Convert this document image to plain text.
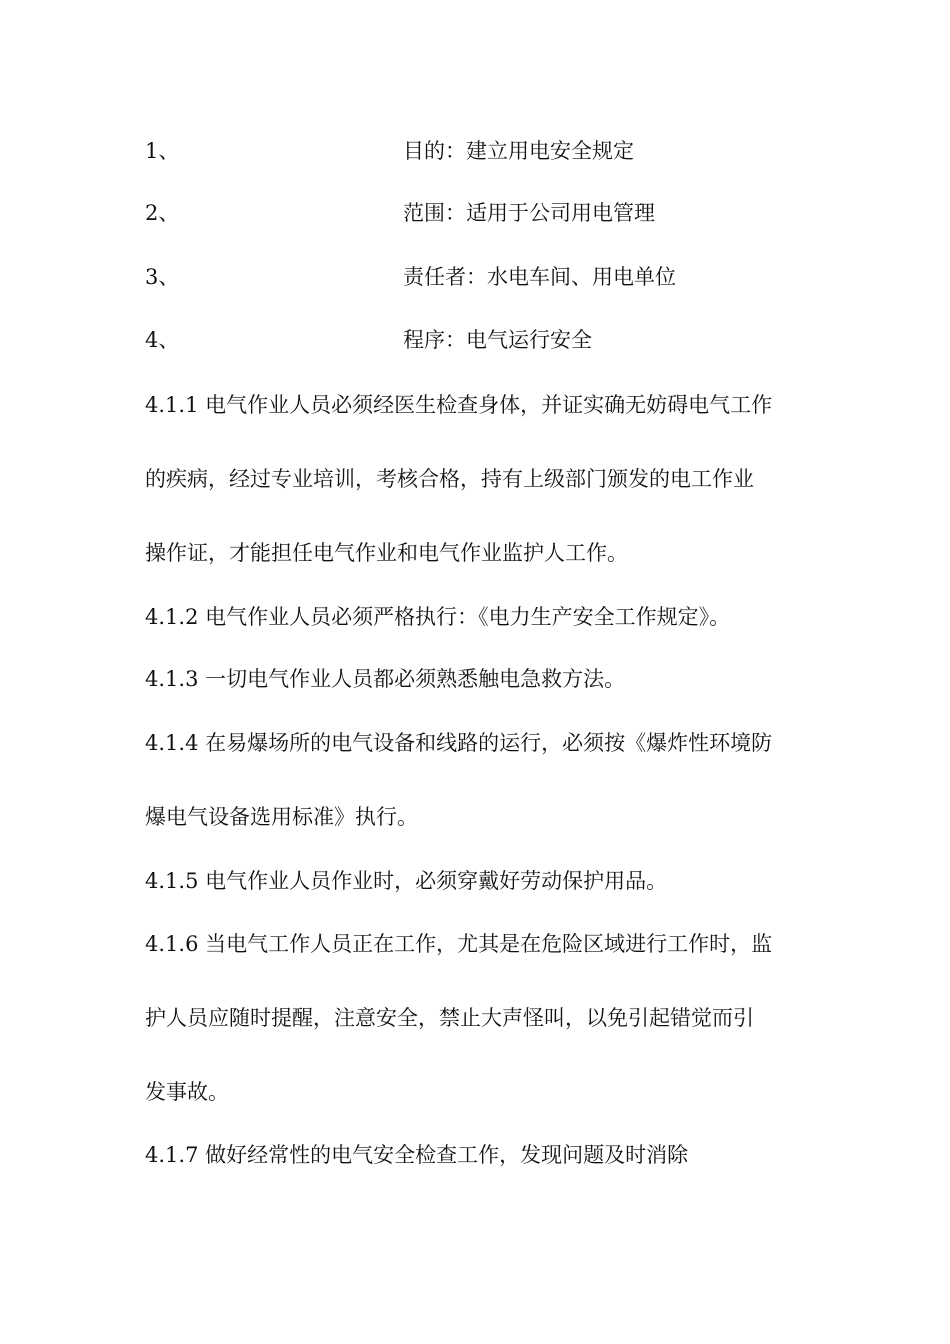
1、	目的：建立用电安全规定
2、	范围：适用于公司用电管理
3、	责任者：水电车间、用电单位
4、	程序：电气运行安全
4.1.1 电气作业人员必须经医生检查身体，并证实确无妨碍电气工作
的疾病，经过专业培训，考核合格，持有上级部门颁发的电工作业
操作证，才能担任电气作业和电气作业监护人工作。
4.1.2 电气作业人员必须严格执行：《电力生产安全工作规定》。
4.1.3 一切电气作业人员都必须熟悉触电急救方法。
4.1.4 在易爆场所的电气设备和线路的运行，必须按《爆炸性环境防
爆电气设备选用标准》执行。
4.1.5 电气作业人员作业时，必须穿戴好劳动保护用品。
4.1.6 当电气工作人员正在工作，尤其是在危险区域进行工作时，监
护人员应随时提醒，注意安全，禁止大声怪叫，以免引起错觉而引
发事故。
4.1.7 做好经常性的电气安全检查工作，发现问题及时消除
